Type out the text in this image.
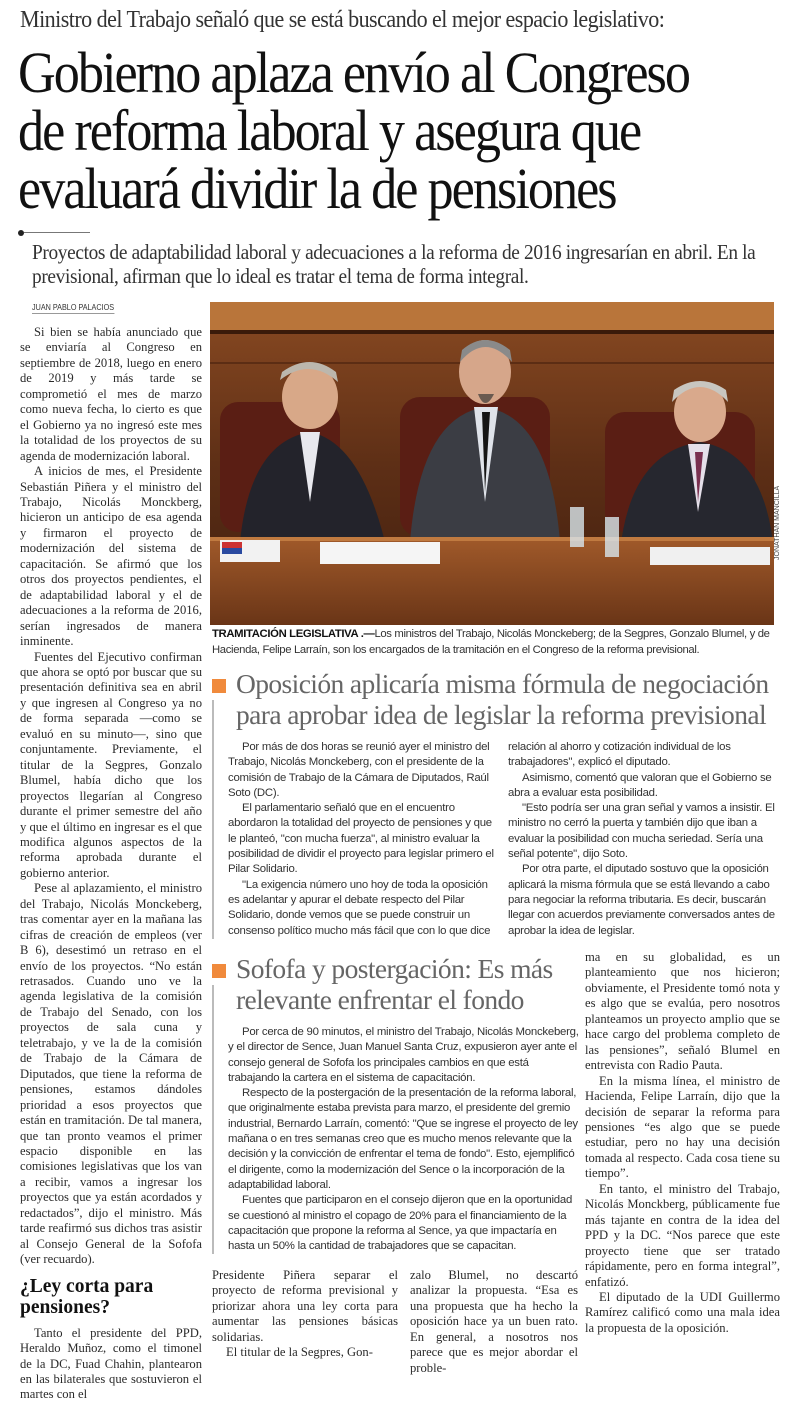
Ministro del Trabajo señaló que se está buscando el mejor espacio legislativo:
Gobierno aplaza envío al Congreso
de reforma laboral y asegura que
evaluará dividir la de pensiones
Proyectos de adaptabilidad laboral y adecuaciones a la reforma de 2016 ingresarían en abril. En la previsional, afirman que lo ideal es tratar el tema de forma integral.
JUAN PABLO PALACIOS

Si bien se había anunciado que se enviaría al Congreso en septiembre de 2018, luego en enero de 2019 y más tarde se comprometió el mes de marzo como nueva fecha, lo cierto es que el Gobierno ya no ingresó este mes la totalidad de los proyectos de su agenda de modernización laboral.

A inicios de mes, el Presidente Sebastián Piñera y el ministro del Trabajo, Nicolás Monckberg, hicieron un anticipo de esa agenda y firmaron el proyecto de modernización del sistema de capacitación. Se afirmó que los otros dos proyectos pendientes, el de adaptabilidad laboral y el de adecuaciones a la reforma de 2016, serían ingresados de manera inminente.

Fuentes del Ejecutivo confirman que ahora se optó por buscar que su presentación definitiva sea en abril y que ingresen al Congreso ya no de forma separada —como se evaluó en su minuto—, sino que conjuntamente. Previamente, el titular de la Segpres, Gonzalo Blumel, había dicho que los proyectos llegarían al Congreso durante el primer semestre del año y que el último en ingresar es el que modifica algunos aspectos de la reforma aprobada durante el gobierno anterior.

Pese al aplazamiento, el ministro del Trabajo, Nicolás Monckeberg, tras comentar ayer en la mañana las cifras de creación de empleos (ver B 6), desestimó un retraso en el envío de los proyectos. “No están retrasados. Cuando uno ve la agenda legislativa de la comisión de Trabajo del Senado, con los proyectos de sala cuna y teletrabajo, y ve la de la comisión de Trabajo de la Cámara de Diputados, que tiene la reforma de pensiones, estamos dándoles prioridad a esos proyectos que están en tramitación. De tal manera, que tan pronto veamos el primer espacio disponible en las comisiones legislativas que los van a recibir, vamos a ingresar los proyectos que ya están acordados y redactados”, dijo el ministro. Más tarde reafirmó sus dichos tras asistir al Consejo General de la Sofofa (ver recuardo).

¿Ley corta para pensiones?

Tanto el presidente del PPD, Heraldo Muñoz, como el timonel de la DC, Fuad Chahin, plantearon en las bilaterales que sostuvieron el martes con el

JONATHAN MANCILLA
TRAMITACIÓN LEGISLATIVA .—Los ministros del Trabajo, Nicolás Monckeberg; de la Segpres, Gonzalo Blumel, y de Hacienda, Felipe Larraín, son los encargados de la tramitación en el Congreso de la reforma previsional.
Oposición aplicaría misma fórmula de negociación
para aprobar idea de legislar la reforma previsional

Por más de dos horas se reunió ayer el ministro del Trabajo, Nicolás Monckeberg, con el presidente de la comisión de Trabajo de la Cámara de Diputados, Raúl Soto (DC).

El parlamentario señaló que en el encuentro abordaron la totalidad del proyecto de pensiones y que le planteó, "con mucha fuerza", al ministro evaluar la posibilidad de dividir el proyecto para legislar primero el Pilar Solidario.

"La exigencia número uno hoy de toda la oposición es adelantar y apurar el debate respecto del Pilar Solidario, donde vemos que se puede construir un consenso político mucho más fácil que con lo que dice relación al ahorro y cotización individual de los trabajadores", explicó el diputado.

Asimismo, comentó que valoran que el Gobierno se abra a evaluar esta posibilidad.

"Esto podría ser una gran señal y vamos a insistir. El ministro no cerró la puerta y también dijo que iban a evaluar la posibilidad con mucha seriedad. Sería una señal potente", dijo Soto.

Por otra parte, el diputado sostuvo que la oposición aplicará la misma fórmula que se está llevando a cabo para negociar la reforma tributaria. Es decir, buscarán llegar con acuerdos previamente conversados antes de aprobar la idea de legislar.

Sofofa y postergación: Es más
relevante enfrentar el fondo

Por cerca de 90 minutos, el ministro del Trabajo, Nicolás Monckeberg, y el director de Sence, Juan Manuel Santa Cruz, expusieron ayer ante el consejo general de Sofofa los principales cambios en que está trabajando la cartera en el sistema de capacitación.

Respecto de la postergación de la presentación de la reforma laboral, que originalmente estaba prevista para marzo, el presidente del gremio industrial, Bernardo Larraín, comentó: "Que se ingrese el proyecto de ley mañana o en tres semanas creo que es mucho menos relevante que la decisión y la convicción de enfrentar el tema de fondo". Esto, ejemplificó el dirigente, como la modernización del Sence o la incorporación de la adaptabilidad laboral.

Fuentes que participaron en el consejo dijeron que en la oportunidad se cuestionó al ministro el copago de 20% para el financiamiento de la capacitación que propone la reforma al Sence, ya que impactaría en hasta un 50% la cantidad de trabajadores que se capacitan.

ma en su globalidad, es un planteamiento que nos hicieron; obviamente, el Presidente tomó nota y es algo que se evalúa, pero nosotros planteamos un proyecto amplio que se hace cargo del problema completo de las pensiones”, señaló Blumel en entrevista con Radio Pauta.

En la misma línea, el ministro de Hacienda, Felipe Larraín, dijo que la decisión de separar la reforma para pensiones “es algo que se puede estudiar, pero no hay una decisión tomada al respecto. Cada cosa tiene su tiempo”.

En tanto, el ministro del Trabajo, Nicolás Monckberg, públicamente fue más tajante en contra de la idea del PPD y la DC. “Nos parece que este proyecto tiene que ser tratado rápidamente, pero en forma integral”, enfatizó.

El diputado de la UDI Guillermo Ramírez calificó como una mala idea la propuesta de la oposición.

Presidente Piñera separar el proyecto de reforma previsional y priorizar ahora una ley corta para aumentar las pensiones básicas solidarias.

El titular de la Segpres, Gon-

zalo Blumel, no descartó analizar la propuesta. “Esa es una propuesta que ha hecho la oposición hace ya un buen rato. En general, a nosotros nos parece que es mejor abordar el proble-
